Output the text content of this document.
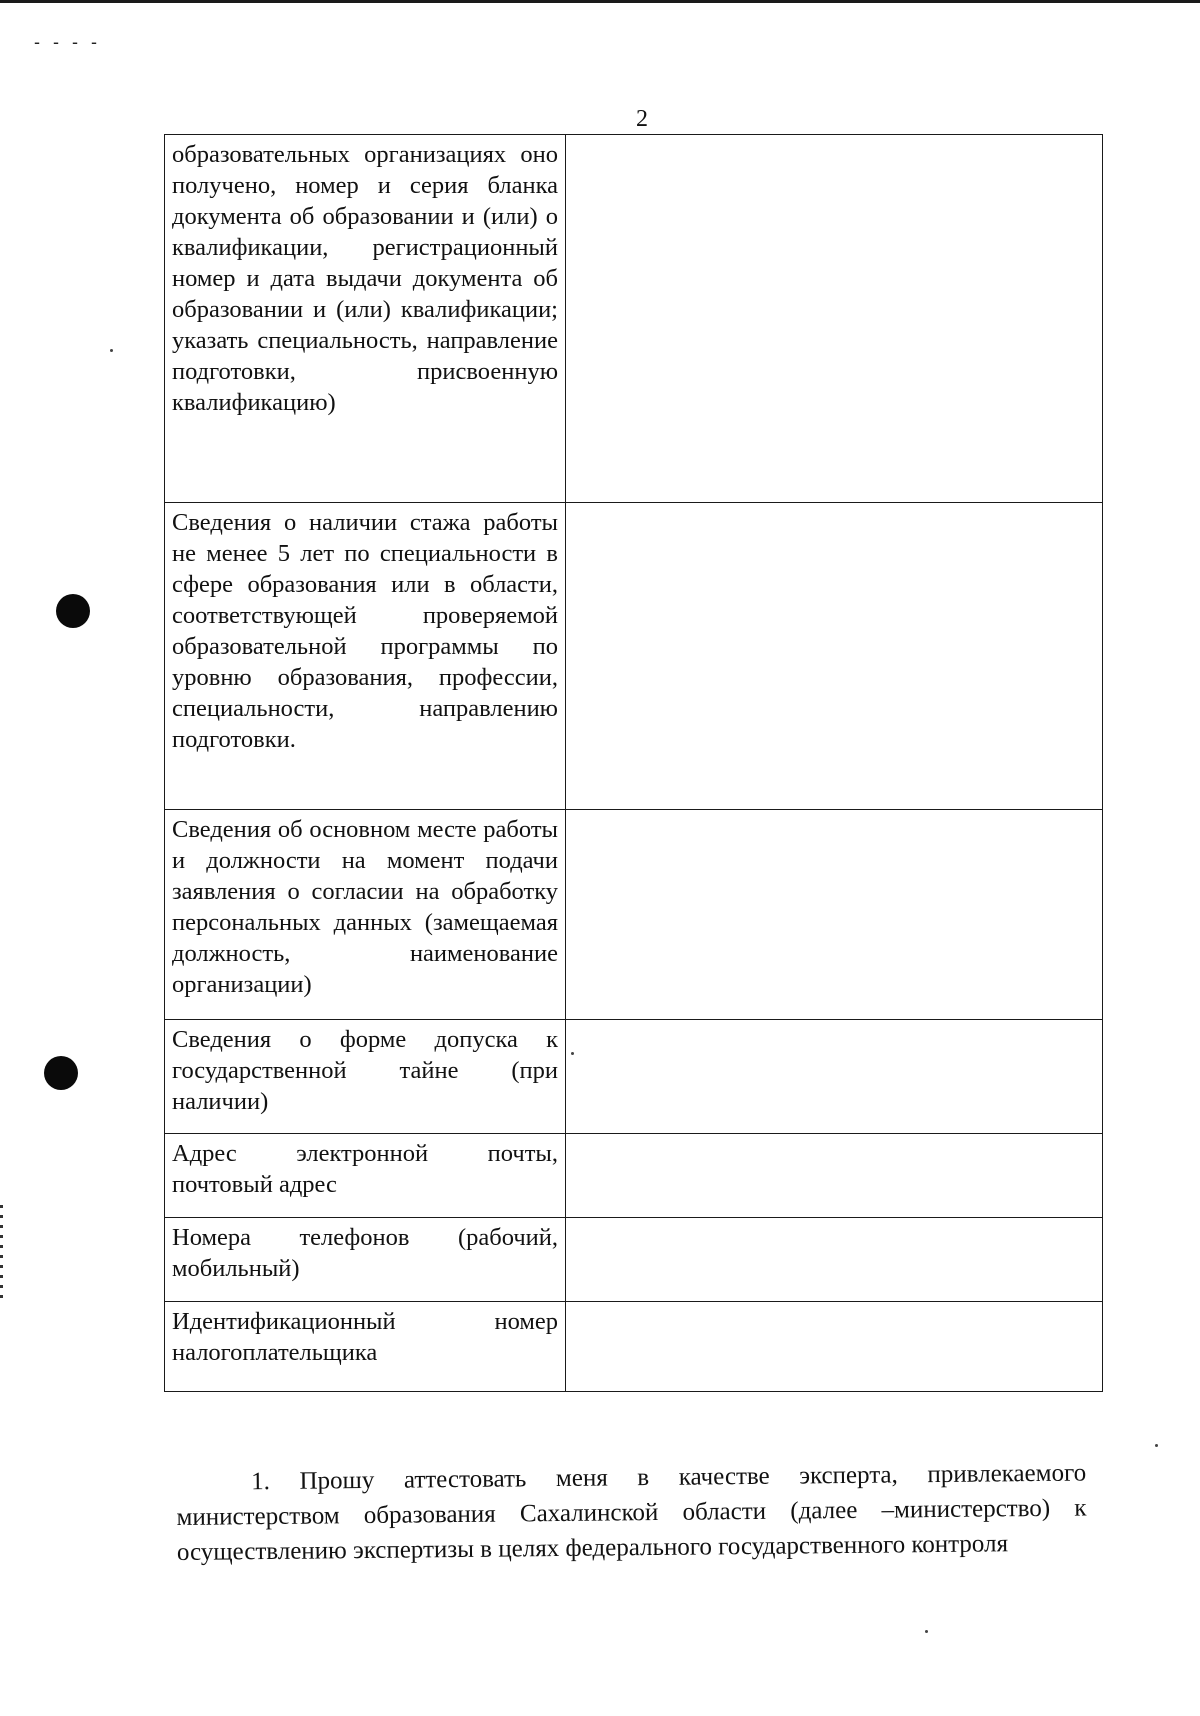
- - - -
2
образовательных организациях оно получено, номер и серия бланка документа об образовании и (или) о квалификации, регистрационный номер и дата выдачи документа об образовании и (или) квалификации; указать специальность, направление подготовки, присвоенную квалификацию)	
Сведения о наличии стажа работы не менее 5 лет по специальности в сфере образования или в области, соответствующей проверяемой образовательной программы по уровню образования, профессии, специальности, направлению подготовки.	
Сведения об основном месте работы и должности на момент подачи заявления о согласии на обработку персональных данных (замещаемая должность, наименование организации)	
Сведения о форме допуска к государственной тайне (при наличии)	
Адрес электронной почты, почтовый адрес	
Номера телефонов (рабочий, мобильный)	
Идентификационный номер налогоплательщика	

1. Прошу аттестовать меня в качестве эксперта, привлекаемого министерством образования Сахалинской области (далее –министерство) к осуществлению экспертизы в целях федерального государственного контроля
